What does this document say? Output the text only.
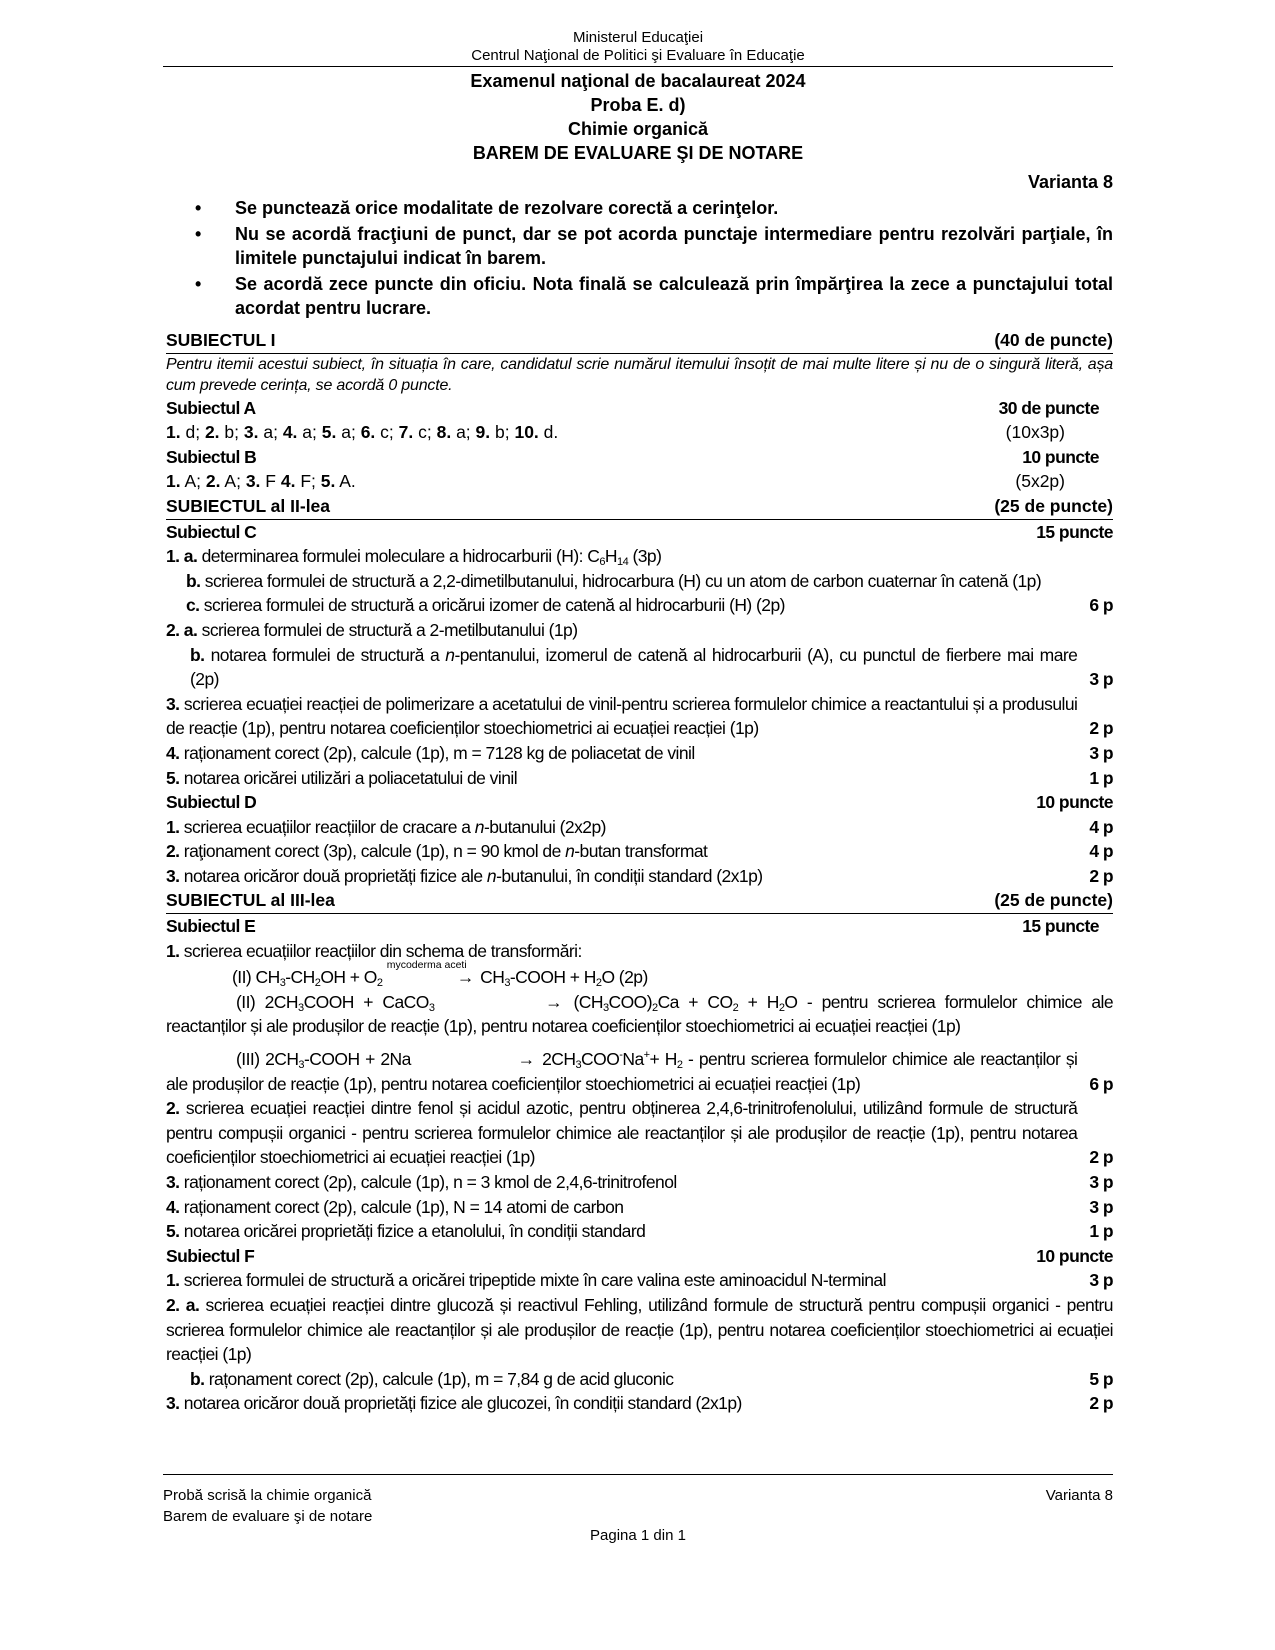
Ministerul Educaţiei
Centrul Naţional de Politici şi Evaluare în Educaţie
Examenul naţional de bacalaureat 2024
Proba E. d)
Chimie organică
BAREM DE EVALUARE ŞI DE NOTARE
Varianta 8
• Se punctează orice modalitate de rezolvare corectă a cerinţelor.
• Nu se acordă fracţiuni de punct, dar se pot acorda punctaje intermediare pentru rezolvări parţiale, în limitele punctajului indicat în barem.
• Se acordă zece puncte din oficiu. Nota finală se calculează prin împărţirea la zece a punctajului total acordat pentru lucrare.
SUBIECTUL I	(40 de puncte)
Pentru itemii acestui subiect, în situația în care, candidatul scrie numărul itemului însoțit de mai multe litere și nu de o singură literă, așa cum prevede cerința, se acordă 0 puncte.
Subiectul A	30 de puncte
1. d; 2. b; 3. a; 4. a; 5. a; 6. c; 7. c; 8. a; 9. b; 10. d.	(10x3p)
Subiectul B	10 puncte
1. A; 2. A; 3. F 4. F; 5. A.	(5x2p)
SUBIECTUL al II-lea	(25 de puncte)
Subiectul C	15 puncte
1. a. determinarea formulei moleculare a hidrocarburii (H): $C_6H_{14}$ (3p)
b. scrierea formulei de structură a 2,2-dimetilbutanului, hidrocarbura (H) cu un atom de carbon cuaternar în catenă (1p)
c. scrierea formulei de structură a oricărui izomer de catenă al hidrocarburii (H) (2p)	6 p
2. a. scrierea formulei de structură a 2-metilbutanului (1p)
b. notarea formulei de structură a n-pentanului, izomerul de catenă al hidrocarburii (A), cu punctul de fierbere mai mare (2p)	3 p
3. scrierea ecuației reacției de polimerizare a acetatului de vinil-pentru scrierea formulelor chimice a reactantului și a produsului de reacție (1p), pentru notarea coeficienților stoechiometrici ai ecuației reacției (1p)	2 p
4. raționament corect (2p), calcule (1p), m = 7128 kg de poliacetat de vinil	3 p
5. notarea oricărei utilizări a poliacetatului de vinil	1 p
Subiectul D	10 puncte
1. scrierea ecuațiilor reacțiilor de cracare a n-butanului (2x2p)	4 p
2. raţionament corect (3p), calcule (1p), n = 90 kmol de n-butan transformat	4 p
3. notarea oricăror două proprietăți fizice ale n-butanului, în condiții standard (2x1p)	2 p
SUBIECTUL al III-lea	(25 de puncte)
Subiectul E	15 puncte
1. scrierea ecuațiilor reacțiilor din schema de transformări:
(II) $CH_3-CH_2OH + O_2$
mycoderma aceti
       → $CH_3$-COOH + $H_2O$ (2p)
(II) $2CH_3COOH$ + CaCO$_3$    	→ $(CH_3COO)_2Ca + CO_2 + H_2O$ - pentru scrierea formulelor chimice ale reactanților și ale produșilor de reacție (1p), pentru notarea coeficienților stoechiometrici ai ecuației reacției (1p)
(III) $2CH_3$-COOH + 2Na    	→ $2CH_3COO^-Na^++ H_2$ - pentru scrierea formulelor chimice ale reactanților și ale produșilor de reacție (1p), pentru notarea coeficienților stoechiometrici ai ecuației reacției (1p)	6 p
2. scrierea ecuației reacției dintre fenol și acidul azotic, pentru obținerea 2,4,6-trinitrofenolului, utilizând formule de structură pentru compușii organici - pentru scrierea formulelor chimice ale reactanților și ale produșilor de reacție (1p), pentru notarea coeficienților stoechiometrici ai ecuației reacției (1p)	2 p
3. raționament corect (2p), calcule (1p), n = 3 kmol de 2,4,6-trinitrofenol	3 p
4. raționament corect (2p), calcule (1p), N = 14 atomi de carbon	3 p
5. notarea oricărei proprietăți fizice a etanolului, în condiții standard	1 p
Subiectul F	10 puncte
1. scrierea formulei de structură a oricărei tripeptide mixte în care valina este aminoacidul N-terminal	3 p
2. a. scrierea ecuației reacției dintre glucoză și reactivul Fehling, utilizând formule de structură pentru compușii organici - pentru scrierea formulelor chimice ale reactanților și ale produșilor de reacție (1p), pentru notarea coeficienților stoechiometrici ai ecuației reacției (1p)
b. rațonament corect (2p), calcule (1p), m = 7,84 g de acid gluconic	5 p
3. notarea oricăror două proprietăți fizice ale glucozei, în condiții standard (2x1p)	2 p
Probă scrisă la chimie organică
Barem de evaluare şi de notare
Varianta 8
Pagina 1 din 1
